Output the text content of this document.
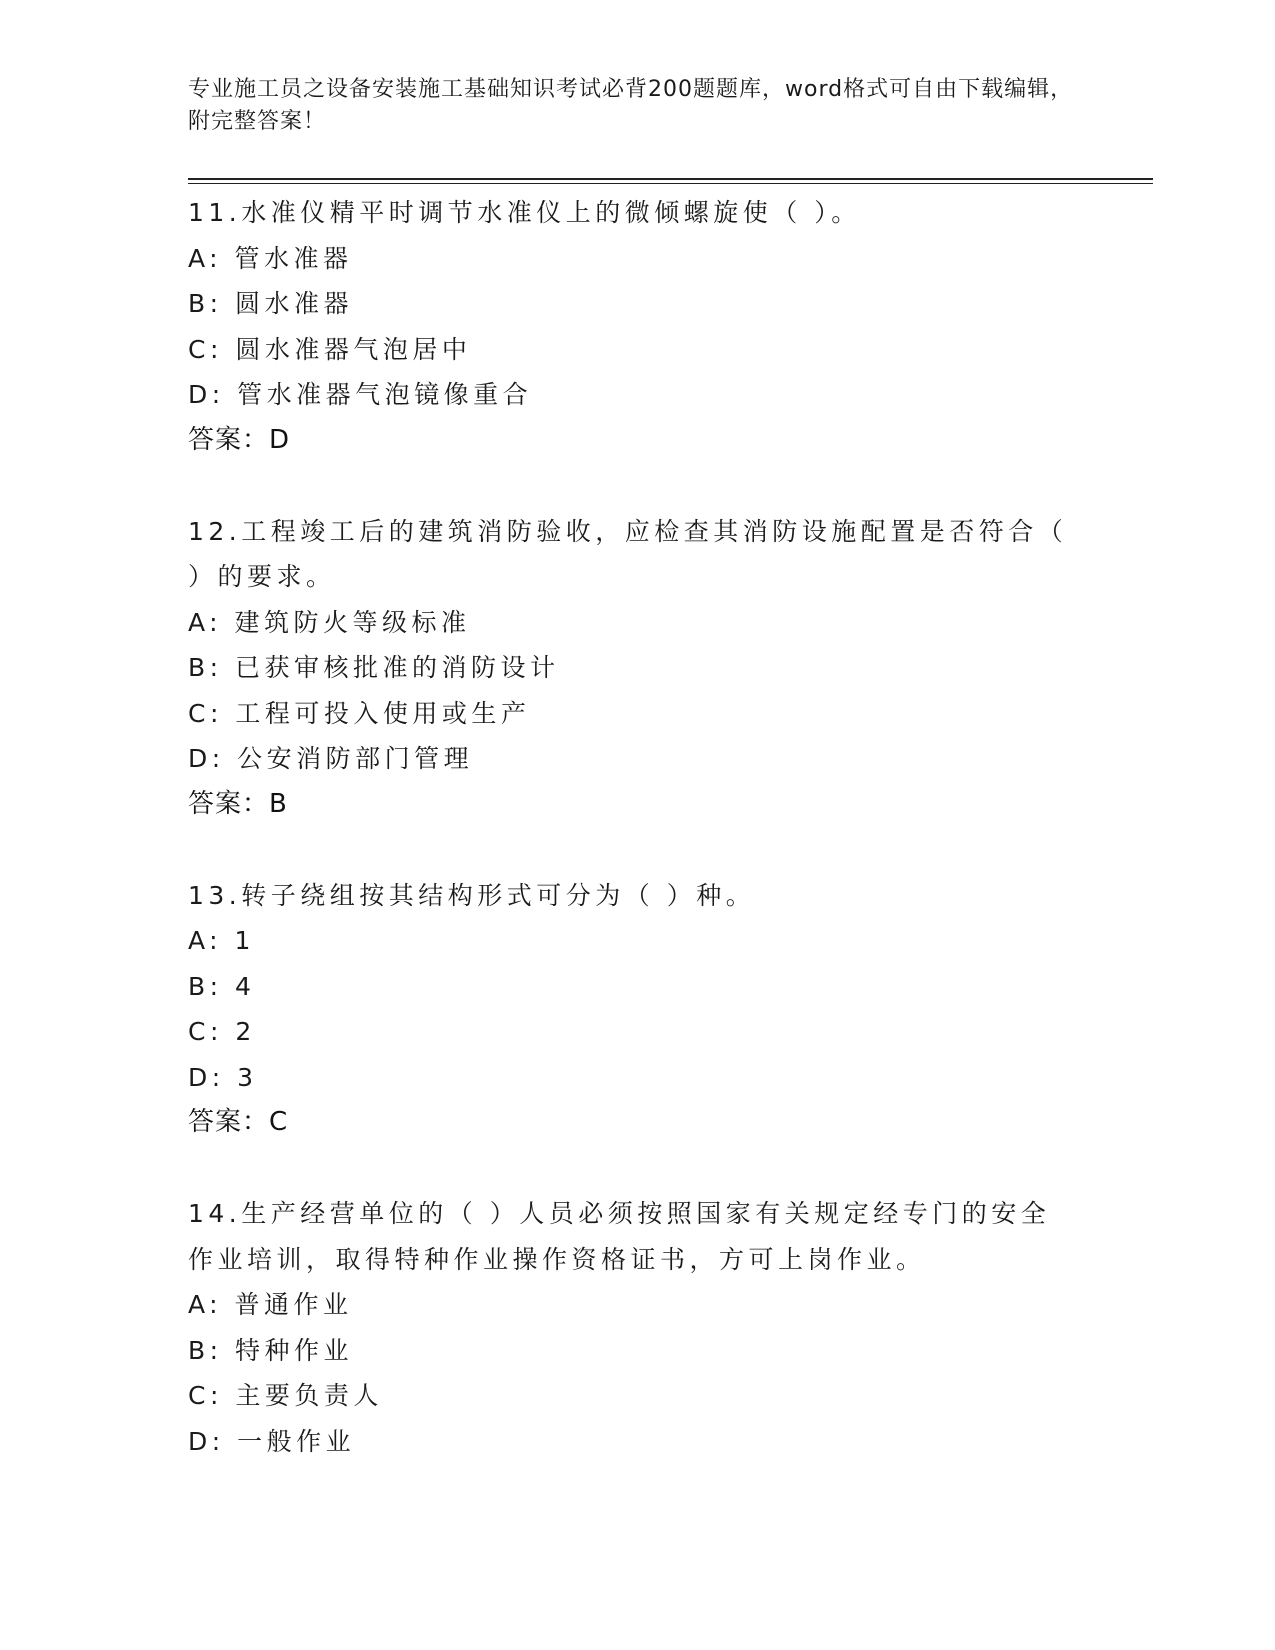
专业施工员之设备安装施工基础知识考试必背200题题库，word格式可自由下载编辑，附完整答案！
11.水准仪精平时调节水准仪上的微倾螺旋使（ ）。
A: 管水准器
B: 圆水准器
C: 圆水准器气泡居中
D: 管水准器气泡镜像重合
答案：D
12.工程竣工后的建筑消防验收，应检查其消防设施配置是否符合（ ）的要求。
A: 建筑防火等级标准
B: 已获审核批准的消防设计
C: 工程可投入使用或生产
D: 公安消防部门管理
答案：B
13.转子绕组按其结构形式可分为（ ）种。
A: 1
B: 4
C: 2
D: 3
答案：C
14.生产经营单位的（ ）人员必须按照国家有关规定经专门的安全作业培训，取得特种作业操作资格证书，方可上岗作业。
A: 普通作业
B: 特种作业
C: 主要负责人
D: 一般作业
